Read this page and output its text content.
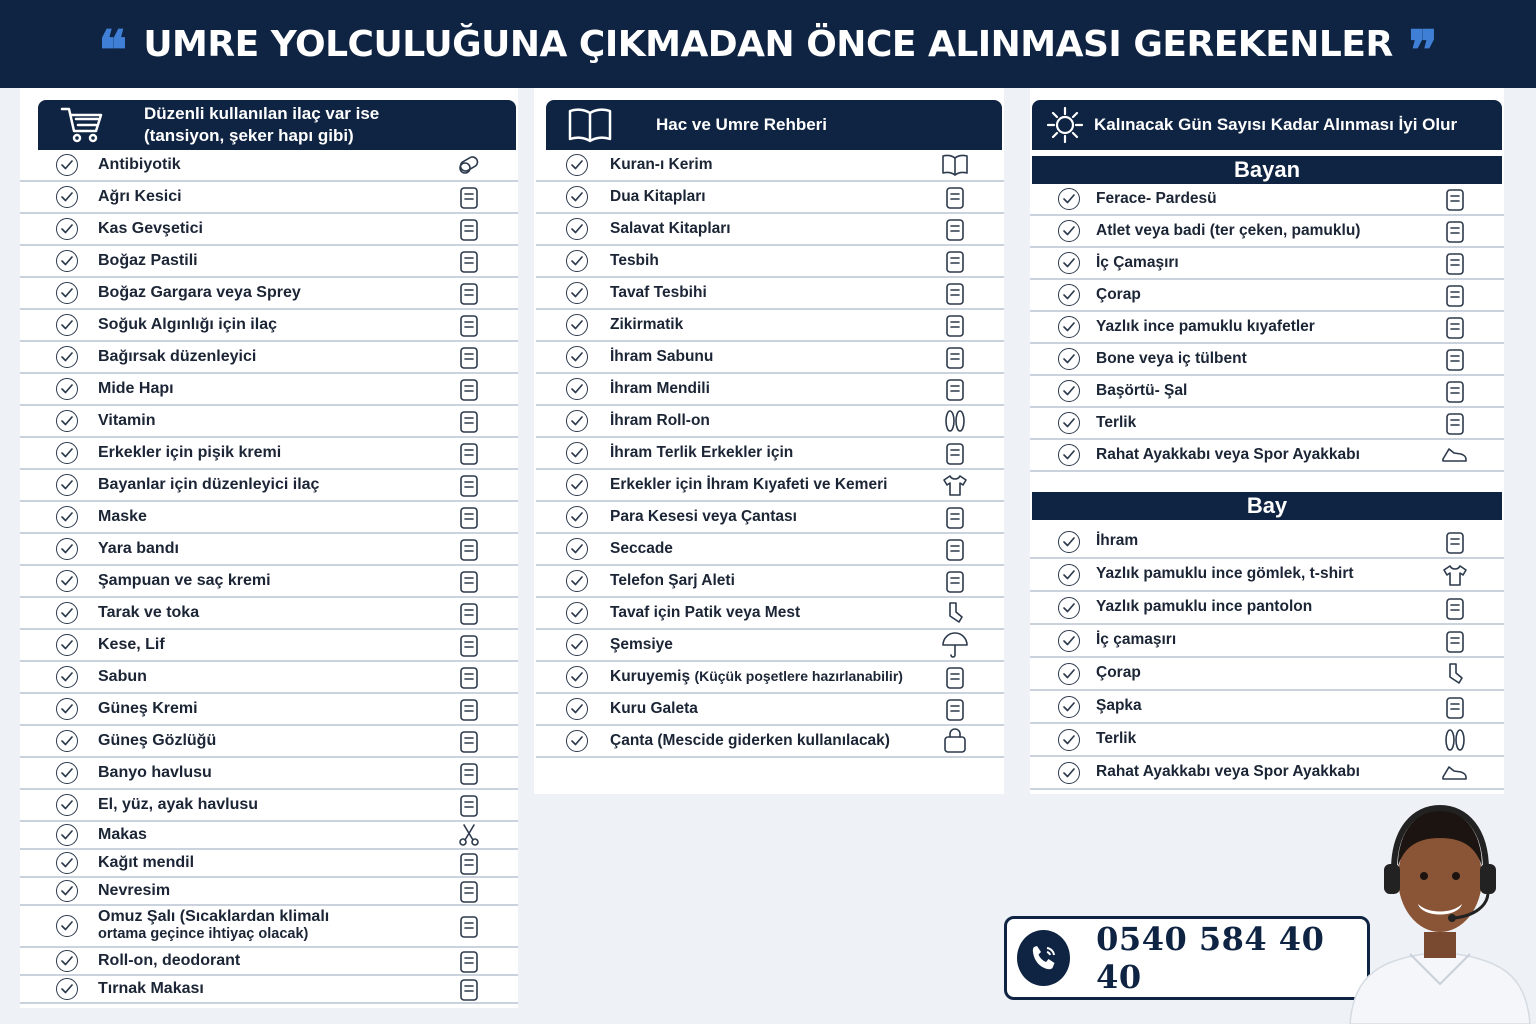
❝ UMRE YOLCULUĞUNA ÇIKMADAN ÖNCE ALINMASI GEREKENLER ❞
Düzenli kullanılan ilaç var ise
(tansiyon, şeker hapı gibi)
Antibiyotik
Ağrı Kesici
Kas Gevşetici
Boğaz Pastili
Boğaz Gargara veya Sprey
Soğuk Algınlığı için ilaç
Bağırsak düzenleyici
Mide Hapı
Vitamin
Erkekler için pişik kremi
Bayanlar için düzenleyici ilaç
Maske
Yara bandı
Şampuan ve saç kremi
Tarak ve toka
Kese, Lif
Sabun
Güneş Kremi
Güneş Gözlüğü
Banyo havlusu
El, yüz, ayak havlusu
Makas
Kağıt mendil
Nevresim
Omuz Şalı (Sıcaklardan klimalı
ortama geçince ihtiyaç olacak)
Roll-on, deodorant
Tırnak Makası
Hac ve Umre Rehberi
Kuran-ı Kerim
Dua Kitapları
Salavat Kitapları
Tesbih
Tavaf Tesbihi
Zikirmatik
İhram Sabunu
İhram Mendili
İhram Roll-on
İhram Terlik Erkekler için
Erkekler için İhram Kıyafeti ve Kemeri
Para Kesesi veya Çantası
Seccade
Telefon Şarj Aleti
Tavaf için Patik veya Mest
Şemsiye
Kuruyemiş (Küçük poşetlere hazırlanabilir)
Kuru Galeta
Çanta (Mescide giderken kullanılacak)
Kalınacak Gün Sayısı Kadar Alınması İyi Olur
Bayan
Ferace- Pardesü
Atlet veya badi (ter çeken, pamuklu)
İç Çamaşırı
Çorap
Yazlık ince pamuklu kıyafetler
Bone veya iç tülbent
Başörtü- Şal
Terlik
Rahat Ayakkabı veya Spor Ayakkabı
Bay
İhram
Yazlık pamuklu ince gömlek, t-shirt
Yazlık pamuklu ince pantolon
İç çamaşırı
Çorap
Şapka
Terlik
Rahat Ayakkabı veya Spor Ayakkabı
0540 584 40 40
